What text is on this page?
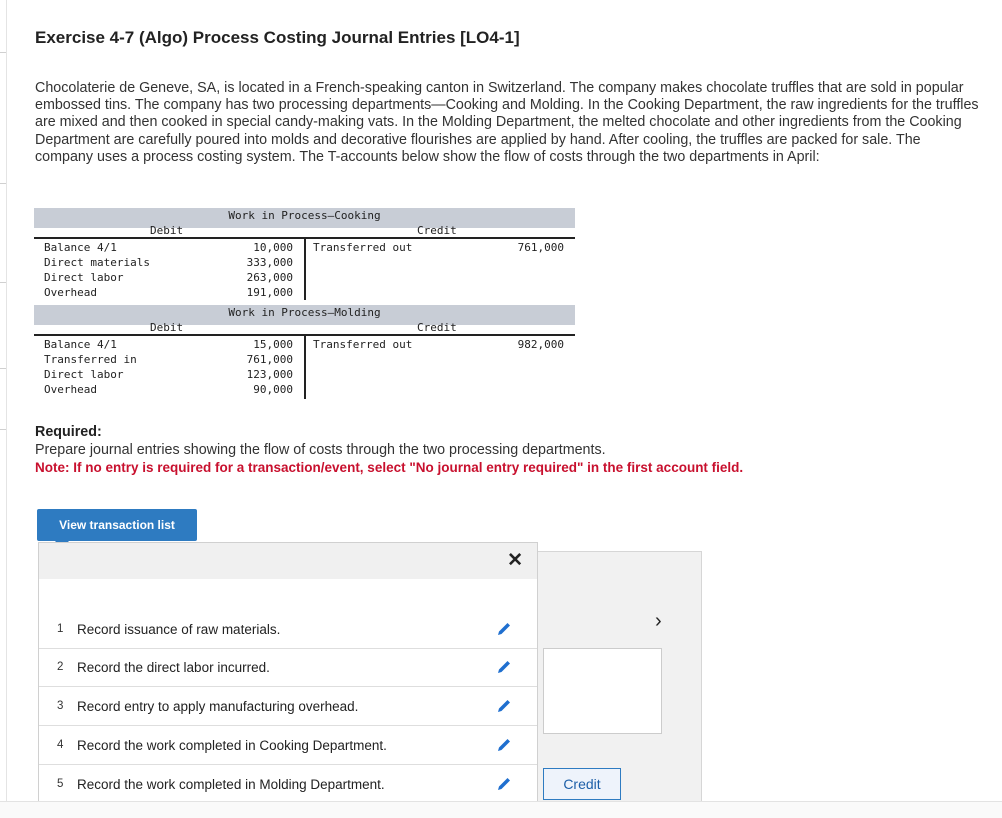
Exercise 4-7 (Algo) Process Costing Journal Entries [LO4-1]
Chocolaterie de Geneve, SA, is located in a French-speaking canton in Switzerland. The company makes chocolate truffles that are sold in popular embossed tins. The company has two processing departments—Cooking and Molding. In the Cooking Department, the raw ingredients for the truffles are mixed and then cooked in special candy-making vats. In the Molding Department, the melted chocolate and other ingredients from the Cooking Department are carefully poured into molds and decorative flourishes are applied by hand. After cooling, the truffles are packed for sale. The company uses a process costing system. The T-accounts below show the flow of costs through the two departments in April:
Work in Process—Cooking
Debit	Credit
Balance 4/1	10,000
Direct materials	333,000
Direct labor	263,000
Overhead	191,000
Transferred out	761,000
Work in Process—Molding
Debit	Credit
Balance 4/1	15,000
Transferred in	761,000
Direct labor	123,000
Overhead	90,000
Transferred out	982,000
Required:
Prepare journal entries showing the flow of costs through the two processing departments.
Note: If no entry is required for a transaction/event, select "No journal entry required" in the first account field.
View transaction list
›
Credit
✕
1	Record issuance of raw materials.
2	Record the direct labor incurred.
3	Record entry to apply manufacturing overhead.
4	Record the work completed in Cooking Department.
5	Record the work completed in Molding Department.
